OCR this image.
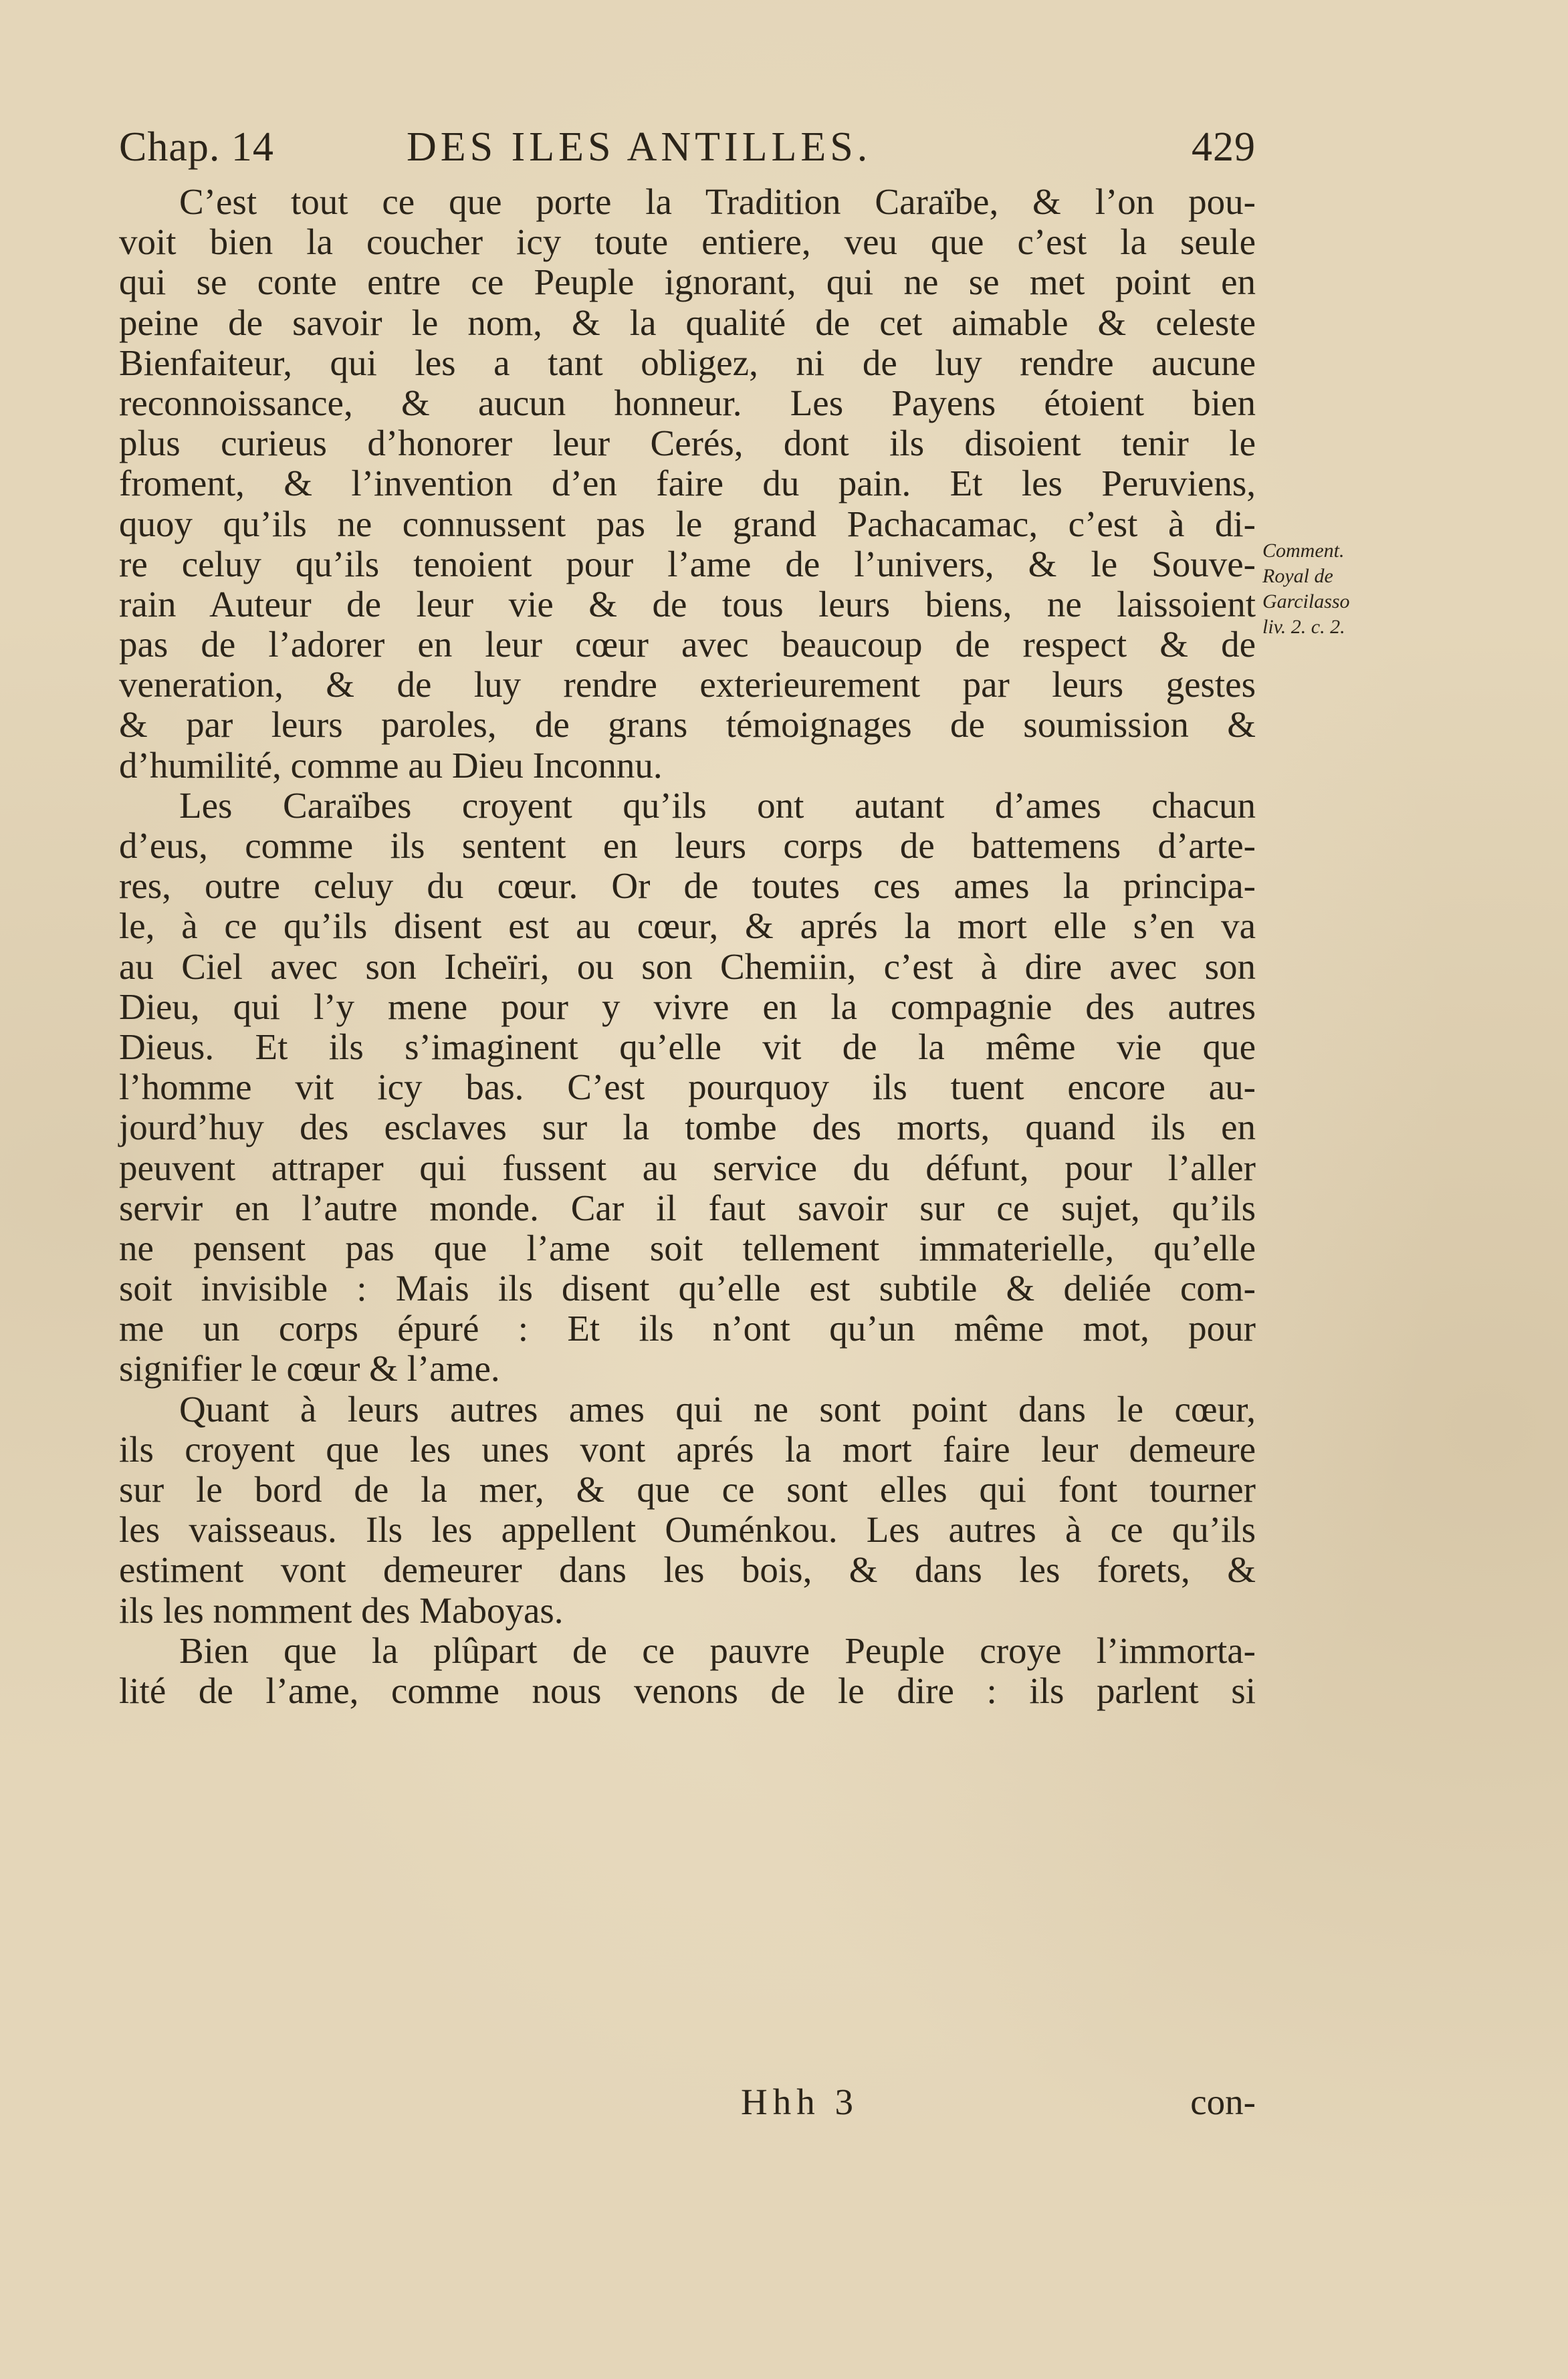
Chap. 14	DES ILES ANTILLES.	429
C’est tout ce que porte la Tradition Caraïbe, & l’on pou-
voit bien la coucher icy toute entiere, veu que c’est la seule
qui se conte entre ce Peuple ignorant, qui ne se met point en
peine de savoir le nom, & la qualité de cet aimable & celeste
Bienfaiteur, qui les a tant obligez, ni de luy rendre aucune
reconnoissance, & aucun honneur. Les Payens étoient bien
plus curieus d’honorer leur Cerés, dont ils disoient tenir le
froment, & l’invention d’en faire du pain. Et les Peruviens,
quoy qu’ils ne connussent pas le grand Pachacamac, c’est à di-
re celuy qu’ils tenoient pour l’ame de l’univers, & le Souve-
rain Auteur de leur vie & de tous leurs biens, ne laissoient
pas de l’adorer en leur cœur avec beaucoup de respect & de
veneration, & de luy rendre exterieurement par leurs gestes
& par leurs paroles, de grans témoignages de soumission &
d’humilité, comme au Dieu Inconnu.
Les Caraïbes croyent qu’ils ont autant d’ames chacun
d’eus, comme ils sentent en leurs corps de battemens d’arte-
res, outre celuy du cœur. Or de toutes ces ames la principa-
le, à ce qu’ils disent est au cœur, & aprés la mort elle s’en va
au Ciel avec son Icheïri, ou son Chemiin, c’est à dire avec son
Dieu, qui l’y mene pour y vivre en la compagnie des autres
Dieus. Et ils s’imaginent qu’elle vit de la même vie que
l’homme vit icy bas. C’est pourquoy ils tuent encore au-
jourd’huy des esclaves sur la tombe des morts, quand ils en
peuvent attraper qui fussent au service du défunt, pour l’aller
servir en l’autre monde. Car il faut savoir sur ce sujet, qu’ils
ne pensent pas que l’ame soit tellement immaterielle, qu’elle
soit invisible : Mais ils disent qu’elle est subtile & deliée com-
me un corps épuré : Et ils n’ont qu’un même mot, pour
signifier le cœur & l’ame.
Quant à leurs autres ames qui ne sont point dans le cœur,
ils croyent que les unes vont aprés la mort faire leur demeure
sur le bord de la mer, & que ce sont elles qui font tourner
les vaisseaus. Ils les appellent Ouménkou. Les autres à ce qu’ils
estiment vont demeurer dans les bois, & dans les forets, &
ils les nomment des Maboyas.
Bien que la plûpart de ce pauvre Peuple croye l’immorta-
lité de l’ame, comme nous venons de le dire : ils parlent si
Comment.
Royal de
Garcilasso
liv. 2. c. 2.
Hhh 3	con-
